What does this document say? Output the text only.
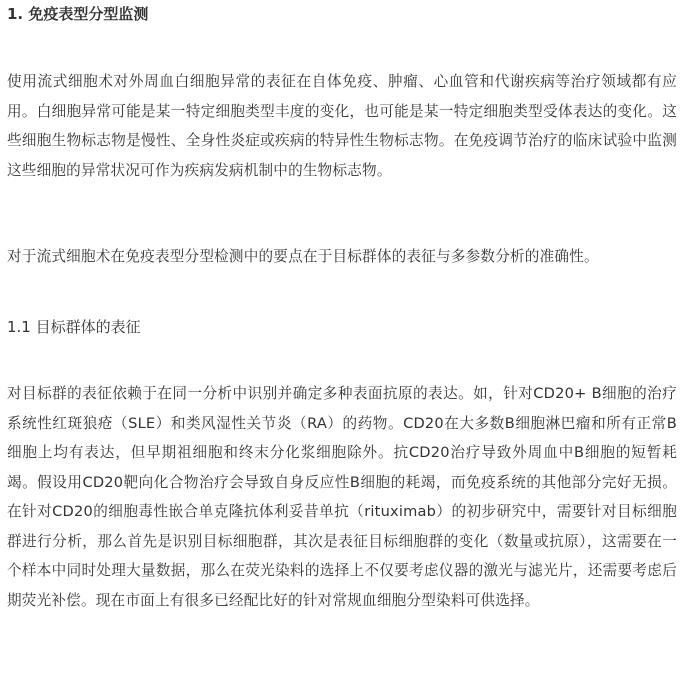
1. 免疫表型分型监测

使用流式细胞术对外周血白细胞异常的表征在自体免疫、肿瘤、心血管和代谢疾病等治疗领域都有应用。白细胞异常可能是某一特定细胞类型丰度的变化，也可能是某一特定细胞类型受体表达的变化。这些细胞生物标志物是慢性、全身性炎症或疾病的特异性生物标志物。在免疫调节治疗的临床试验中监测这些细胞的异常状况可作为疾病发病机制中的生物标志物。

对于流式细胞术在免疫表型分型检测中的要点在于目标群体的表征与多参数分析的准确性。

1.1 目标群体的表征

对目标群的表征依赖于在同一分析中识别并确定多种表面抗原的表达。如，针对CD20+ B细胞的治疗系统性红斑狼疮（SLE）和类风湿性关节炎（RA）的药物。CD20在大多数B细胞淋巴瘤和所有正常B细胞上均有表达，但早期祖细胞和终末分化浆细胞除外。抗CD20治疗导致外周血中B细胞的短暂耗竭。假设用CD20靶向化合物治疗会导致自身反应性B细胞的耗竭，而免疫系统的其他部分完好无损。在针对CD20的细胞毒性嵌合单克隆抗体利妥昔单抗（rituximab）的初步研究中，需要针对目标细胞群进行分析，那么首先是识别目标细胞群，其次是表征目标细胞群的变化（数量或抗原），这需要在一个样本中同时处理大量数据，那么在荧光染料的选择上不仅要考虑仪器的激光与滤光片，还需要考虑后期荧光补偿。现在市面上有很多已经配比好的针对常规血细胞分型染料可供选择。
